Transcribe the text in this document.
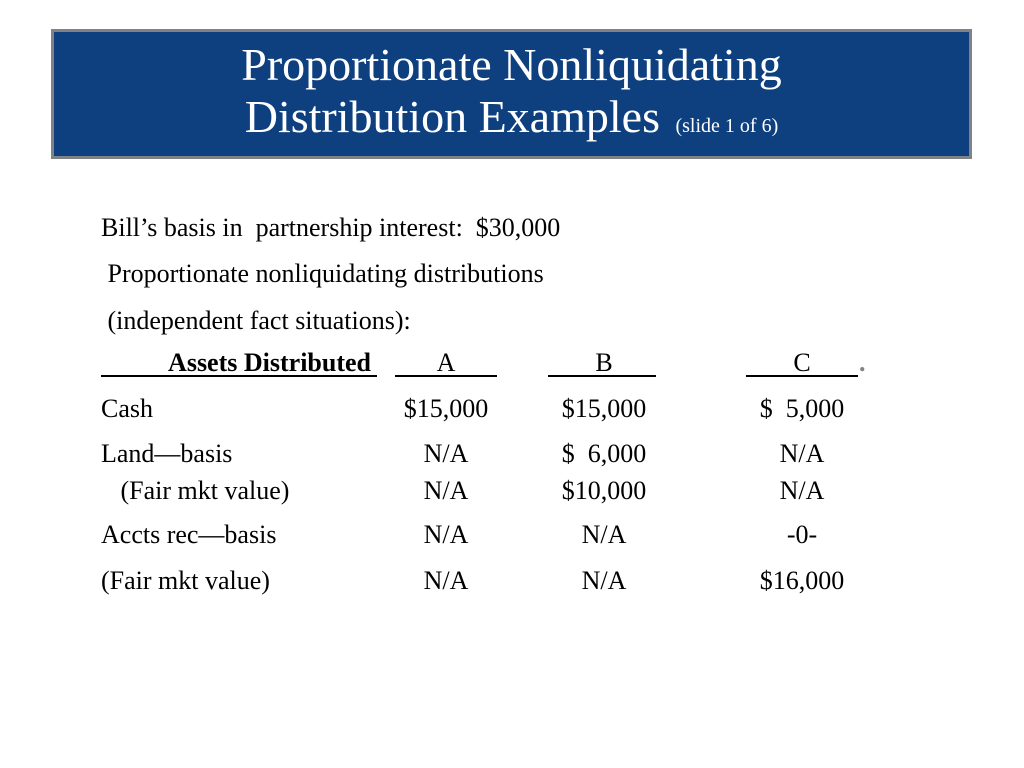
Proportionate Nonliquidating
Distribution Examples (slide 1 of 6)
Bill’s basis in  partnership interest:  $30,000
Proportionate nonliquidating distributions
(independent fact situations):
Assets Distributed	A	B	C	.
Cash	$15,000	$15,000	$  5,000
Land—basis	N/A	$  6,000	N/A
(Fair mkt value)	N/A	$10,000	N/A
Accts rec—basis	N/A	N/A	-0-
(Fair mkt value)	N/A	N/A	$16,000
